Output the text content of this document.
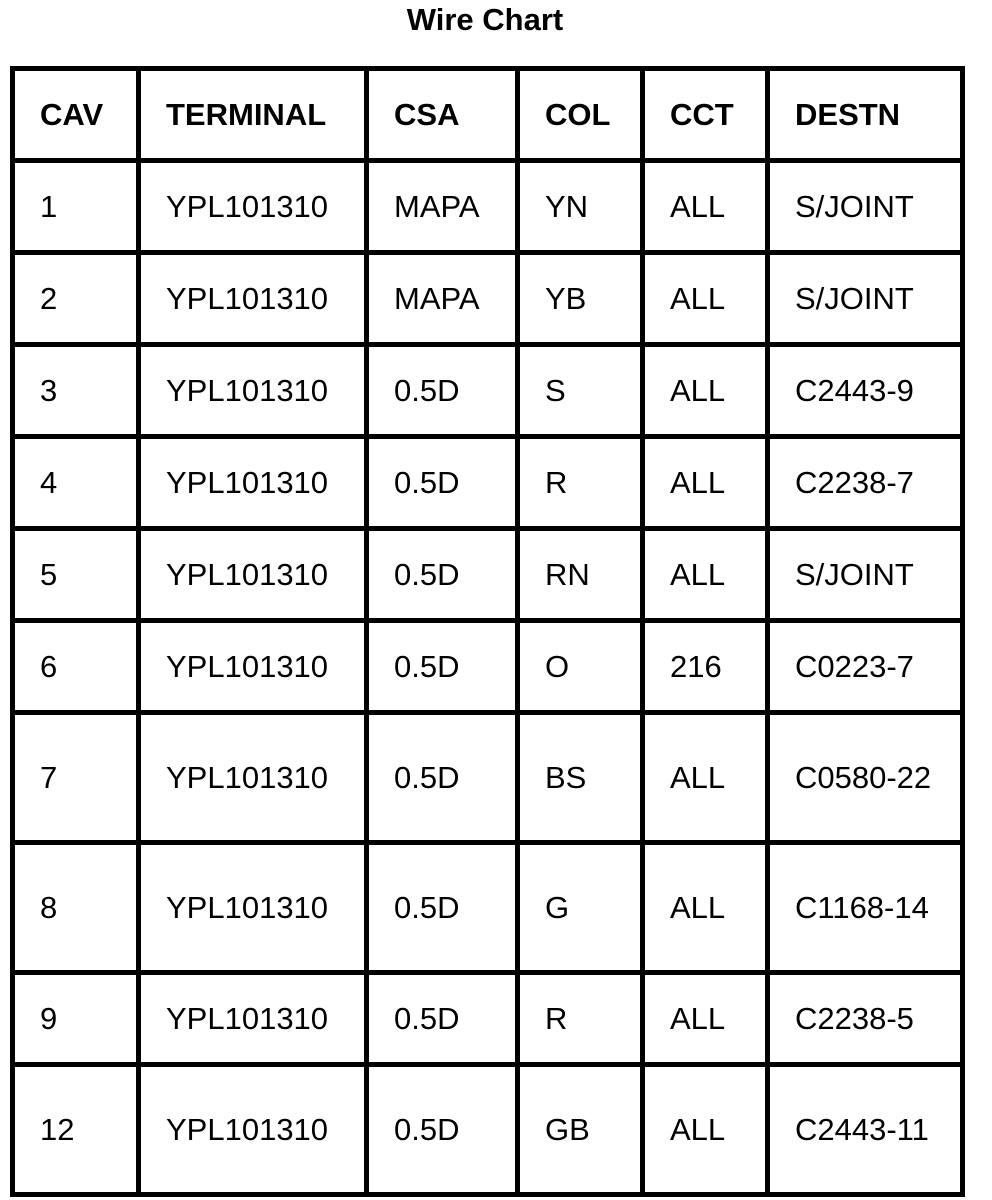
Wire Chart
CAV	TERMINAL	CSA	COL	CCT	DESTN
1	YPL101310	MAPA	YN	ALL	S/JOINT
2	YPL101310	MAPA	YB	ALL	S/JOINT
3	YPL101310	0.5D	S	ALL	C2443-9
4	YPL101310	0.5D	R	ALL	C2238-7
5	YPL101310	0.5D	RN	ALL	S/JOINT
6	YPL101310	0.5D	O	216	C0223-7
7	YPL101310	0.5D	BS	ALL	C0580-22
8	YPL101310	0.5D	G	ALL	C1168-14
9	YPL101310	0.5D	R	ALL	C2238-5
12	YPL101310	0.5D	GB	ALL	C2443-11
